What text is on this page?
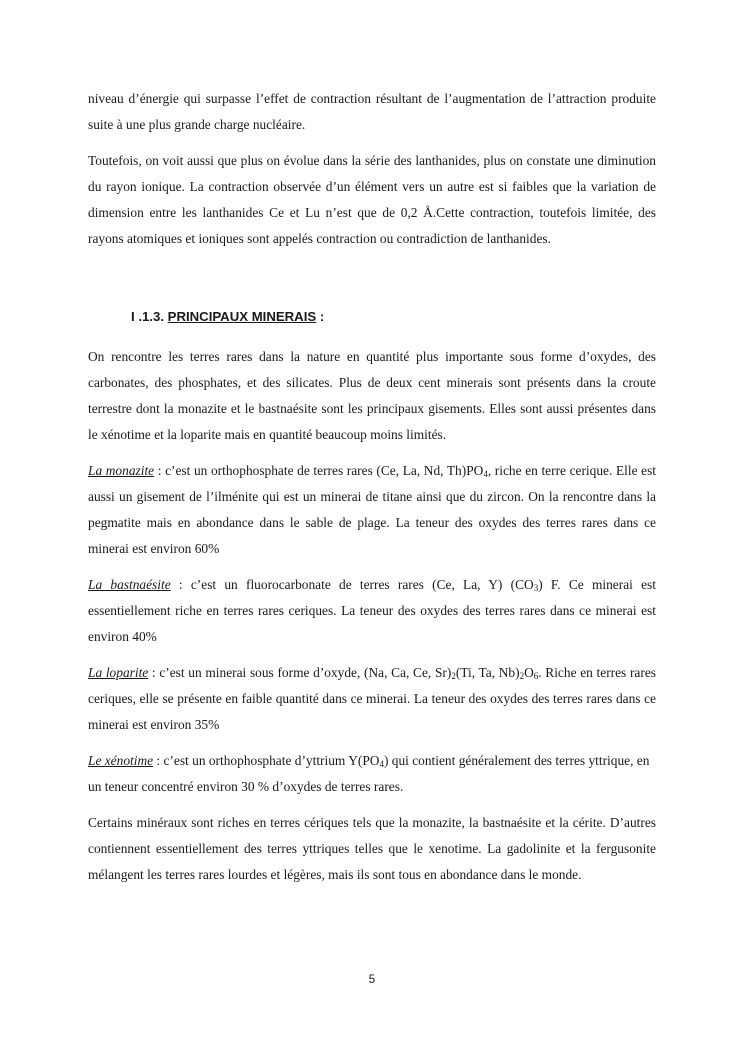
niveau d’énergie qui surpasse l’effet de contraction résultant de l’augmentation de l’attraction produite suite à une plus grande charge nucléaire.

Toutefois, on voit aussi que plus on évolue dans la série des lanthanides, plus on constate une diminution du rayon ionique. La contraction observée d’un élément vers un autre est si faibles que la variation de dimension entre les lanthanides Ce et Lu n’est que de 0,2 Å.Cette contraction, toutefois limitée, des rayons atomiques et ioniques sont appelés contraction ou contradiction de lanthanides.

I .1.3. PRINCIPAUX MINERAIS :

On rencontre les terres rares dans la nature en quantité plus importante sous forme d’oxydes, des carbonates, des phosphates, et des silicates. Plus de deux cent minerais sont présents dans la croute terrestre dont la monazite et le bastnaésite sont les principaux gisements. Elles sont aussi présentes dans le xénotime et la loparite mais en quantité beaucoup moins limités.

La monazite : c’est un orthophosphate de terres rares (Ce, La, Nd, $Th)PO_4$, riche en terre cerique. Elle est aussi un gisement de l’ilménite qui est un minerai de titane ainsi que du zircon. On la rencontre dans la pegmatite mais en abondance dans le sable de plage. La teneur des oxydes des terres rares dans ce minerai est environ 60%

La bastnaésite : c’est un fluorocarbonate de terres rares (Ce, La, Y) $(CO_3)$ F. Ce minerai est essentiellement riche en terres rares ceriques. La teneur des oxydes des terres rares dans ce minerai est environ 40%

La loparite : c’est un minerai sous forme d’oxyde, (Na, Ca, Ce, $Sr)_2(Ti$, Ta, $Nb)_2O_6$. Riche en terres rares ceriques, elle se présente en faible quantité dans ce minerai. La teneur des oxydes des terres rares dans ce minerai est environ 35%

Le xénotime : c’est un orthophosphate d’yttrium $Y(PO_4)$ qui contient généralement des terres yttrique, en un teneur concentré environ 30 % d’oxydes de terres rares.

Certains minéraux sont riches en terres cériques tels que la monazite, la bastnaésite et la cérite. D’autres contiennent essentiellement des terres yttriques telles que le xenotime. La gadolinite et la fergusonite mélangent les terres rares lourdes et légères, mais ils sont tous en abondance dans le monde.

5
